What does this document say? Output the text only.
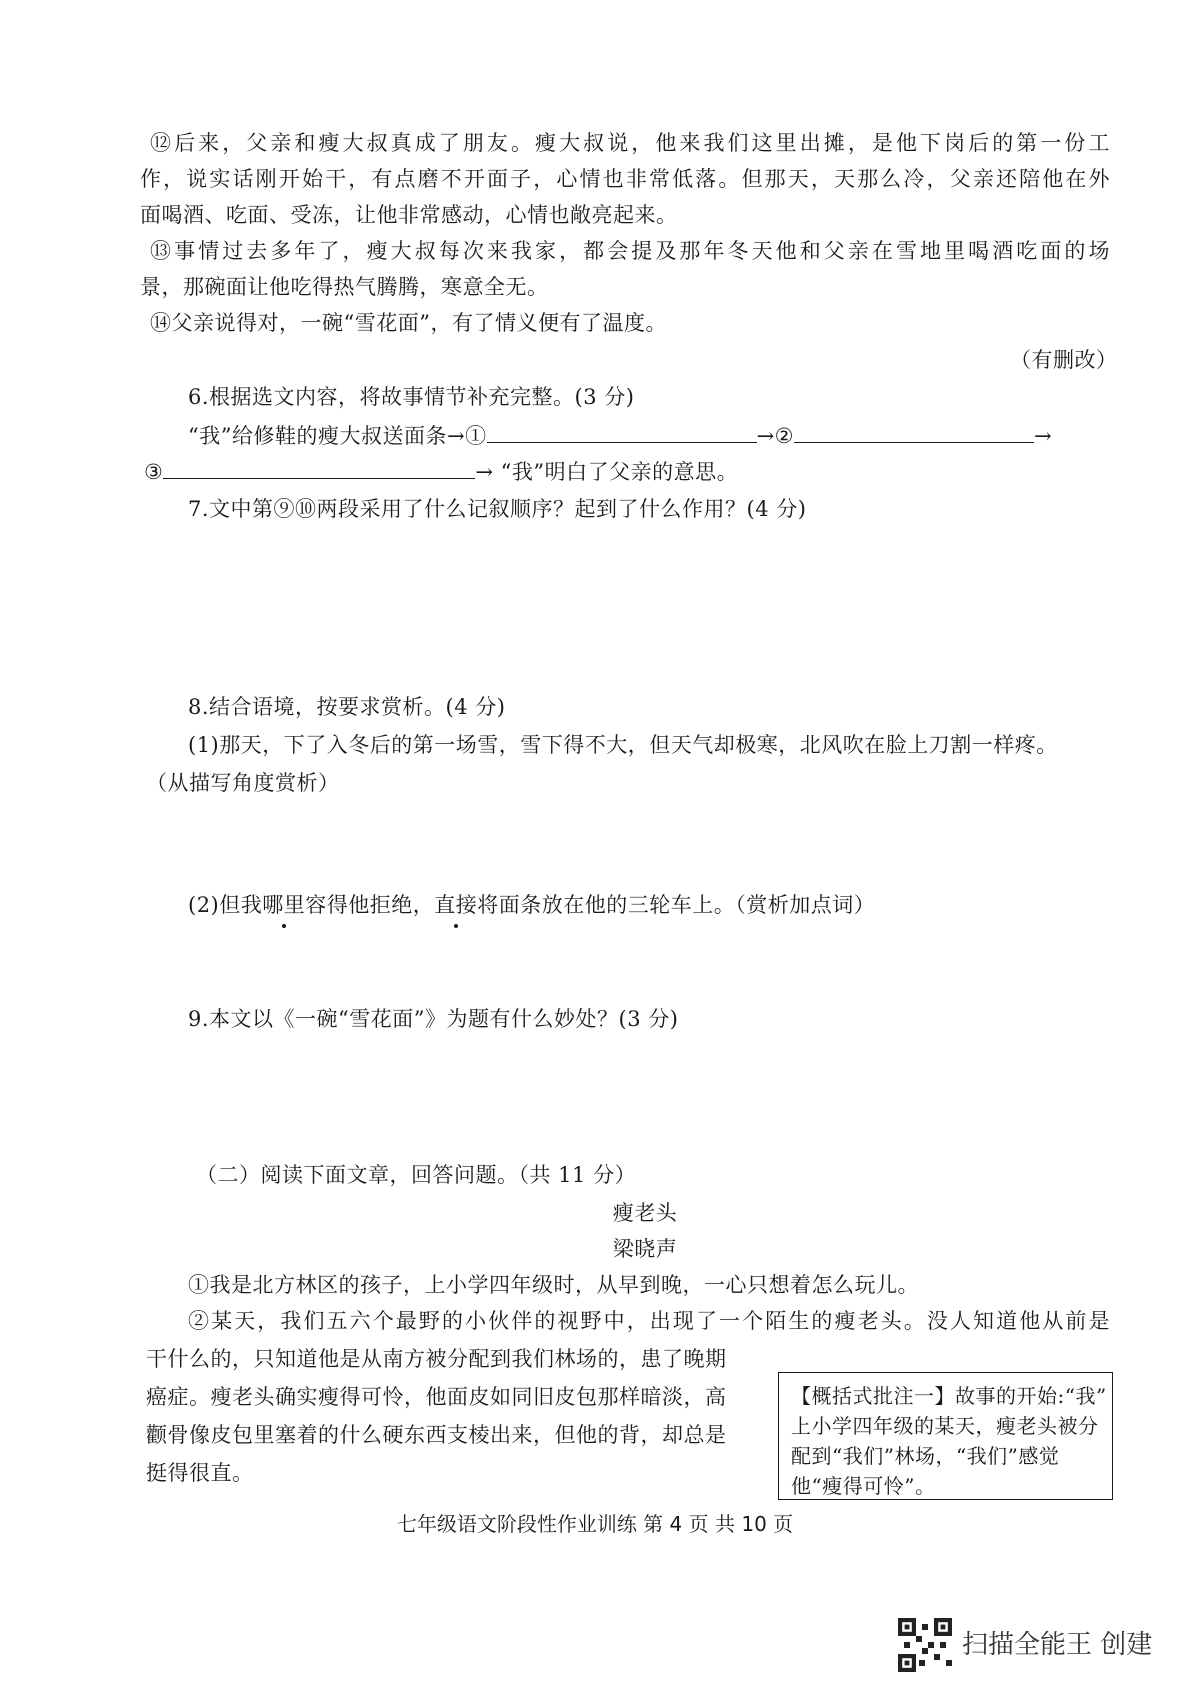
⑫后来，父亲和瘦大叔真成了朋友。瘦大叔说，他来我们这里出摊，是他下岗后的第一份工
作，说实话刚开始干，有点磨不开面子，心情也非常低落。但那天，天那么冷，父亲还陪他在外
面喝酒、吃面、受冻，让他非常感动，心情也敞亮起来。
⑬事情过去多年了，瘦大叔每次来我家，都会提及那年冬天他和父亲在雪地里喝酒吃面的场
景，那碗面让他吃得热气腾腾，寒意全无。
⑭父亲说得对，一碗“雪花面”，有了情义便有了温度。
（有删改）
6.根据选文内容，将故事情节补充完整。(3 分)
“我”给修鞋的瘦大叔送面条→①	→②	→
③	→ “我”明白了父亲的意思。
7.文中第⑨⑩两段采用了什么记叙顺序？起到了什么作用？(4 分)
8.结合语境，按要求赏析。(4 分)
(1)那天，下了入冬后的第一场雪，雪下得不大，但天气却极寒，北风吹在脸上刀割一样疼。
（从描写角度赏析）
(2)但我哪里容得他拒绝，直接将面条放在他的三轮车上。（赏析加点词）
9.本文以《一碗“雪花面”》为题有什么妙处？(3 分)
（二）阅读下面文章，回答问题。（共 11 分）
瘦老头
梁晓声
①我是北方林区的孩子，上小学四年级时，从早到晚，一心只想着怎么玩儿。
②某天，我们五六个最野的小伙伴的视野中，出现了一个陌生的瘦老头。没人知道他从前是
干什么的，只知道他是从南方被分配到我们林场的，患了晚期
癌症。瘦老头确实瘦得可怜，他面皮如同旧皮包那样暗淡，高
颧骨像皮包里塞着的什么硬东西支棱出来，但他的背，却总是
挺得很直。
【概括式批注一】故事的开始:“我”
上小学四年级的某天，瘦老头被分
配到“我们”林场，“我们”感觉
他“瘦得可怜”。
七年级语文阶段性作业训练 第 4 页 共 10 页
扫描全能王 创建
